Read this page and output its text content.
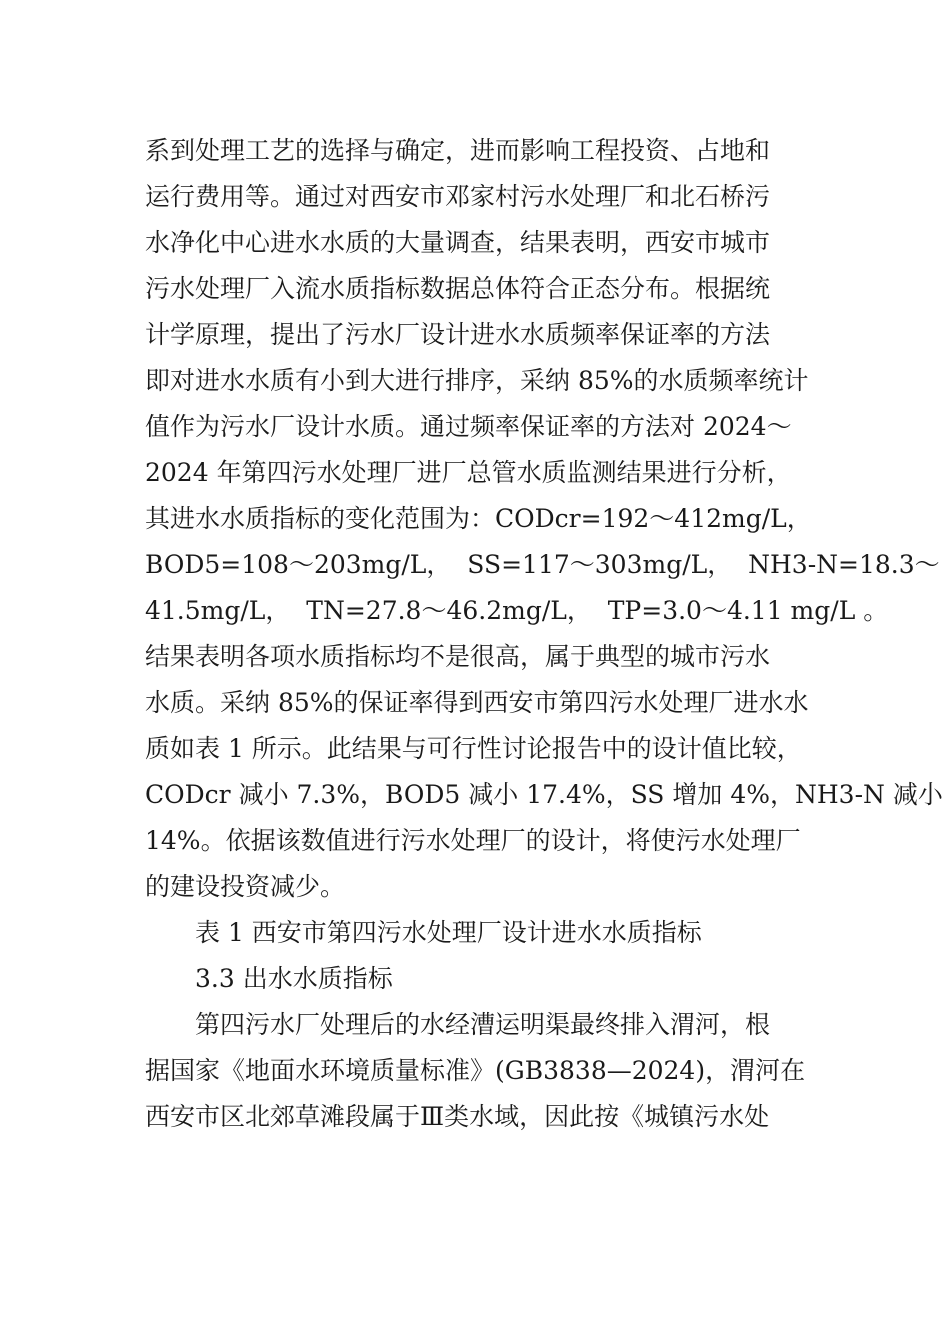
系到处理工艺的选择与确定，进而影响工程投资、占地和
运行费用等。通过对西安市邓家村污水处理厂和北石桥污
水净化中心进水水质的大量调查，结果表明，西安市城市
污水处理厂入流水质指标数据总体符合正态分布。根据统
计学原理，提出了污水厂设计进水水质频率保证率的方法
即对进水水质有小到大进行排序，采纳 85%的水质频率统计
值作为污水厂设计水质。通过频率保证率的方法对 2024～
2024 年第四污水处理厂进厂总管水质监测结果进行分析，
其进水水质指标的变化范围为：CODcr=192～412mg/L，
BOD5=108～203mg/L，  SS=117～303mg/L，  NH3-N=18.3～
41.5mg/L，  TN=27.8～46.2mg/L，  TP=3.0～4.11 mg/L 。
结果表明各项水质指标均不是很高，属于典型的城市污水
水质。采纳 85%的保证率得到西安市第四污水处理厂进水水
质如表 1 所示。此结果与可行性讨论报告中的设计值比较，
CODcr 减小 7.3%，BOD5 减小 17.4%，SS 增加 4%，NH3-N 减小
14%。依据该数值进行污水处理厂的设计，将使污水处理厂
的建设投资减少。
表 1 西安市第四污水处理厂设计进水水质指标
3.3 出水水质指标
第四污水厂处理后的水经漕运明渠最终排入渭河，根
据国家《地面水环境质量标准》(GB3838—2024)，渭河在
西安市区北郊草滩段属于Ⅲ类水域，因此按《城镇污水处
